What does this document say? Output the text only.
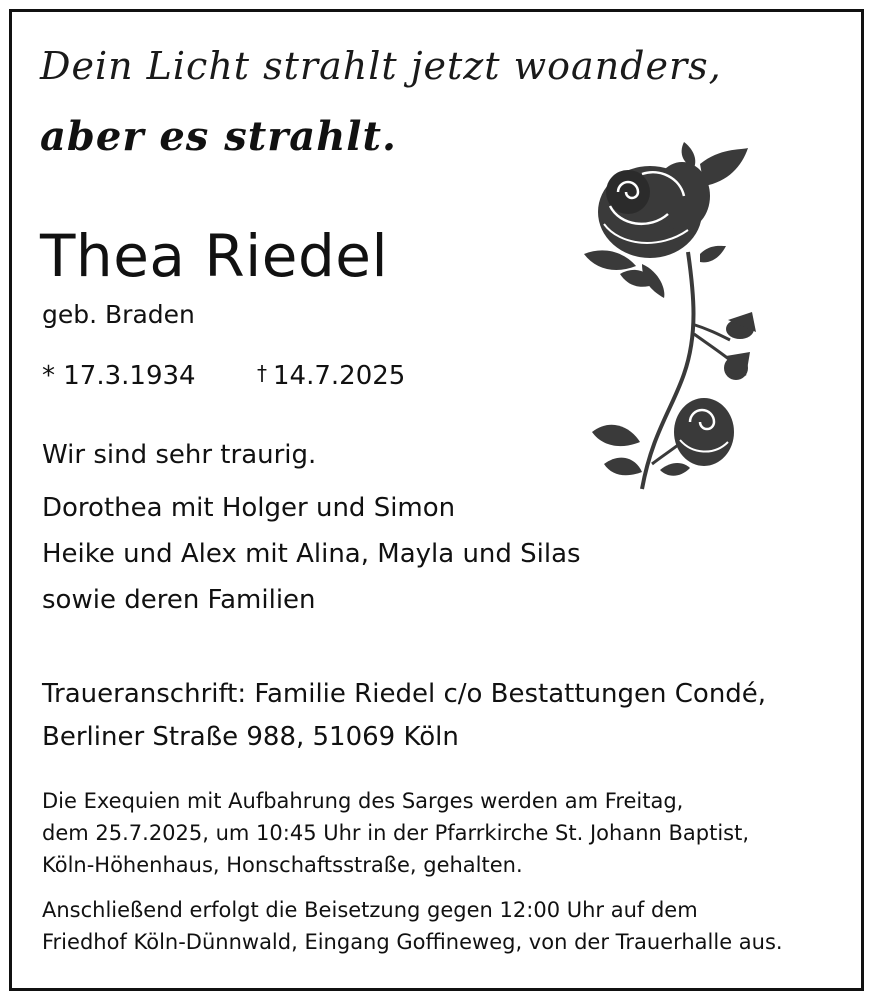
Dein Licht strahlt jetzt woanders,
aber es strahlt.
Thea Riedel
geb. Braden
* 17.3.1934	† 14.7.2025
Wir sind sehr traurig.
Dorothea mit Holger und Simon
Heike und Alex mit Alina, Mayla und Silas
sowie deren Familien
Traueranschrift: Familie Riedel c/o Bestattungen Condé,
Berliner Straße 988, 51069 Köln
Die Exequien mit Aufbahrung des Sarges werden am Freitag,
dem 25.7.2025, um 10:45 Uhr in der Pfarrkirche St. Johann Baptist,
Köln-Höhenhaus, Honschaftsstraße, gehalten.
Anschließend erfolgt die Beisetzung gegen 12:00 Uhr auf dem
Friedhof Köln-Dünnwald, Eingang Goffineweg, von der Trauerhalle aus.
